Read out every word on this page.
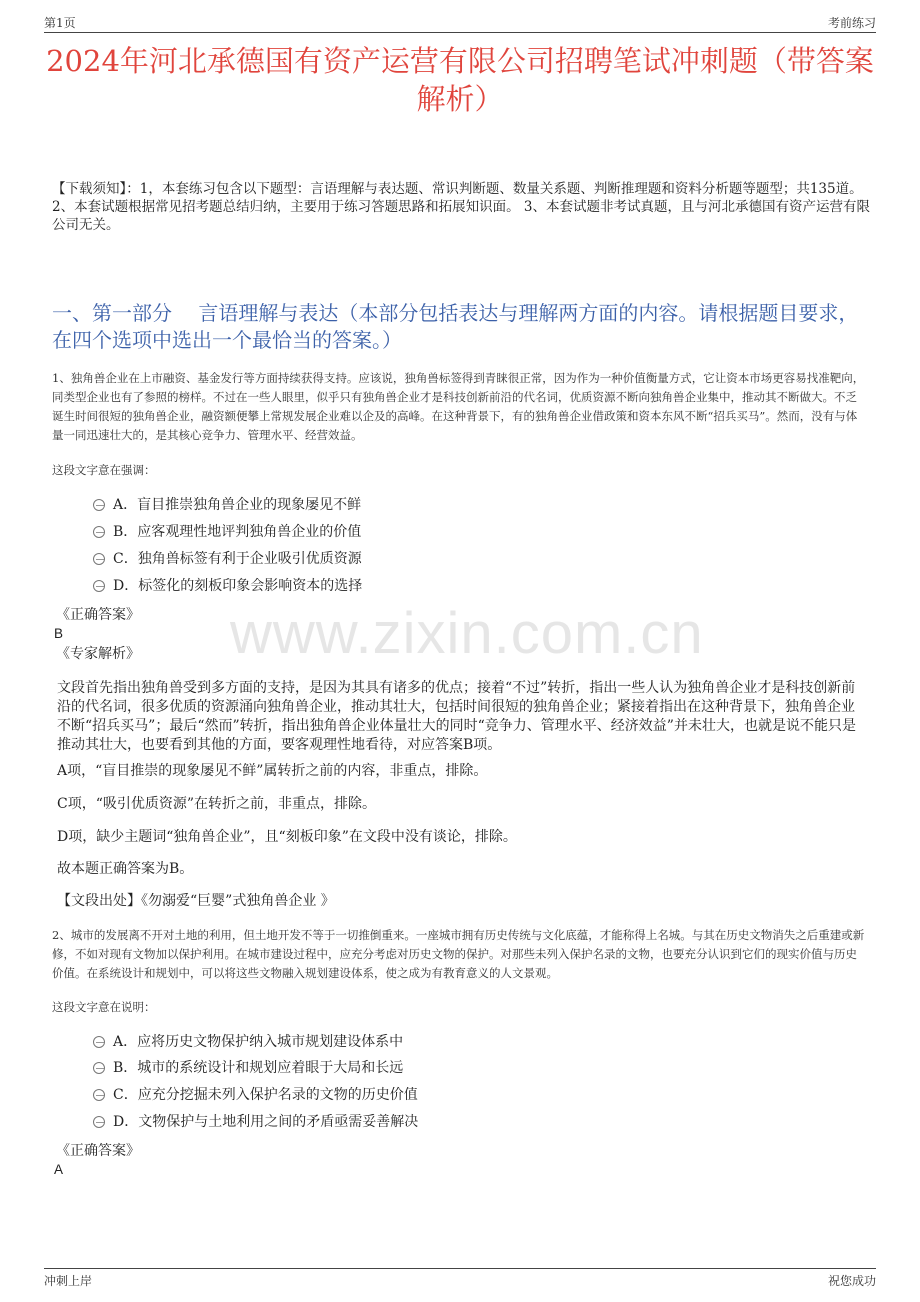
第1页	考前练习
2024年河北承德国有资产运营有限公司招聘笔试冲刺题（带答案解析）
【下载须知】：1，本套练习包含以下题型：言语理解与表达题、常识判断题、数量关系题、判断推理题和资料分析题等题型；共135道。 2、本套试题根据常见招考题总结归纳，主要用于练习答题思路和拓展知识面。 3、本套试题非考试真题，且与河北承德国有资产运营有限公司无关。
一、第一部分　 言语理解与表达（本部分包括表达与理解两方面的内容。请根据题目要求，在四个选项中选出一个最恰当的答案。）
www.zixin.com.cn
1、独角兽企业在上市融资、基金发行等方面持续获得支持。应该说，独角兽标签得到青睐很正常，因为作为一种价值衡量方式，它让资本市场更容易找准靶向，同类型企业也有了参照的榜样。不过在一些人眼里，似乎只有独角兽企业才是科技创新前沿的代名词，优质资源不断向独角兽企业集中，推动其不断做大。不乏诞生时间很短的独角兽企业，融资额便攀上常规发展企业难以企及的高峰。在这种背景下，有的独角兽企业借政策和资本东风不断“招兵买马”。然而，没有与体量一同迅速壮大的，是其核心竞争力、管理水平、经营效益。
这段文字意在强调：
A．盲目推崇独角兽企业的现象屡见不鲜
B．应客观理性地评判独角兽企业的价值
C．独角兽标签有利于企业吸引优质资源
D．标签化的刻板印象会影响资本的选择
《正确答案》
B
《专家解析》
文段首先指出独角兽受到多方面的支持，是因为其具有诸多的优点；接着“不过”转折，指出一些人认为独角兽企业才是科技创新前沿的代名词，很多优质的资源涌向独角兽企业，推动其壮大，包括时间很短的独角兽企业；紧接着指出在这种背景下，独角兽企业不断“招兵买马”；最后“然而”转折，指出独角兽企业体量壮大的同时“竞争力、管理水平、经济效益”并未壮大，也就是说不能只是推动其壮大，也要看到其他的方面，要客观理性地看待，对应答案B项。
A项，“盲目推崇的现象屡见不鲜”属转折之前的内容，非重点，排除。
C项，“吸引优质资源”在转折之前，非重点，排除。
D项，缺少主题词“独角兽企业”，且“刻板印象”在文段中没有谈论，排除。
故本题正确答案为B。
【文段出处】《勿溺爱“巨婴”式独角兽企业 》
2、城市的发展离不开对土地的利用，但土地开发不等于一切推倒重来。一座城市拥有历史传统与文化底蕴，才能称得上名城。与其在历史文物消失之后重建或新修，不如对现有文物加以保护利用。在城市建设过程中，应充分考虑对历史文物的保护。对那些未列入保护名录的文物，也要充分认识到它们的现实价值与历史价值。在系统设计和规划中，可以将这些文物融入规划建设体系，使之成为有教育意义的人文景观。
这段文字意在说明：
A．应将历史文物保护纳入城市规划建设体系中
B．城市的系统设计和规划应着眼于大局和长远
C．应充分挖掘未列入保护名录的文物的历史价值
D．文物保护与土地利用之间的矛盾亟需妥善解决
《正确答案》
A
冲刺上岸	祝您成功
